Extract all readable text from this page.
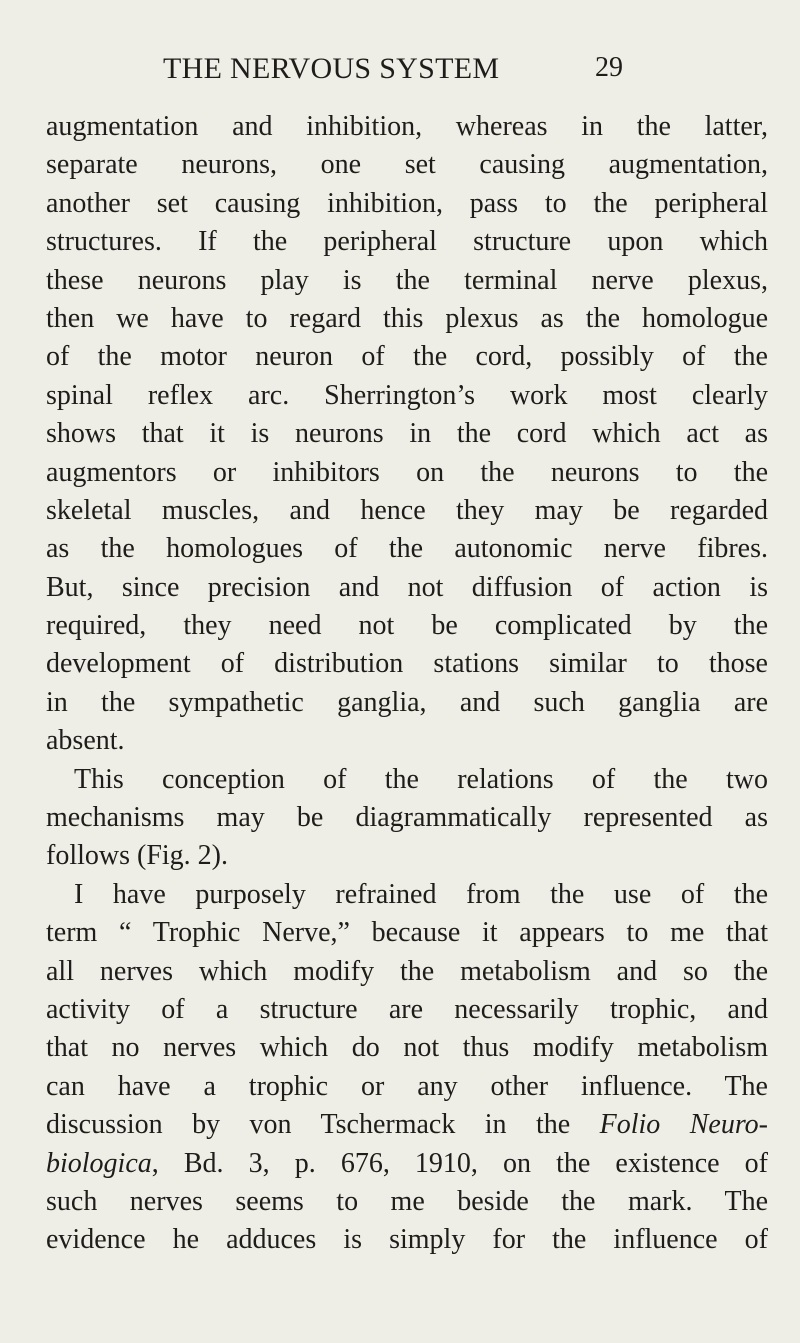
THE NERVOUS SYSTEM	29
augmentation and inhibition, whereas in the latter,
separate neurons, one set causing augmentation,
another set causing inhibition, pass to the peripheral
structures. If the peripheral structure upon which
these neurons play is the terminal nerve plexus,
then we have to regard this plexus as the homologue
of the motor neuron of the cord, possibly of the
spinal reflex arc. Sherrington’s work most clearly
shows that it is neurons in the cord which act as
augmentors or inhibitors on the neurons to the
skeletal muscles, and hence they may be regarded
as the homologues of the autonomic nerve fibres.
But, since precision and not diffusion of action is
required, they need not be complicated by the
development of distribution stations similar to those
in the sympathetic ganglia, and such ganglia are
absent.
This conception of the relations of the two
mechanisms may be diagrammatically represented as
follows (Fig. 2).
I have purposely refrained from the use of the
term “ Trophic Nerve,” because it appears to me that
all nerves which modify the metabolism and so the
activity of a structure are necessarily trophic, and
that no nerves which do not thus modify metabolism
can have a trophic or any other influence. The
discussion by von Tschermack in the Folio Neuro-
biologica, Bd. 3, p. 676, 1910, on the existence of
such nerves seems to me beside the mark. The
evidence he adduces is simply for the influence of
